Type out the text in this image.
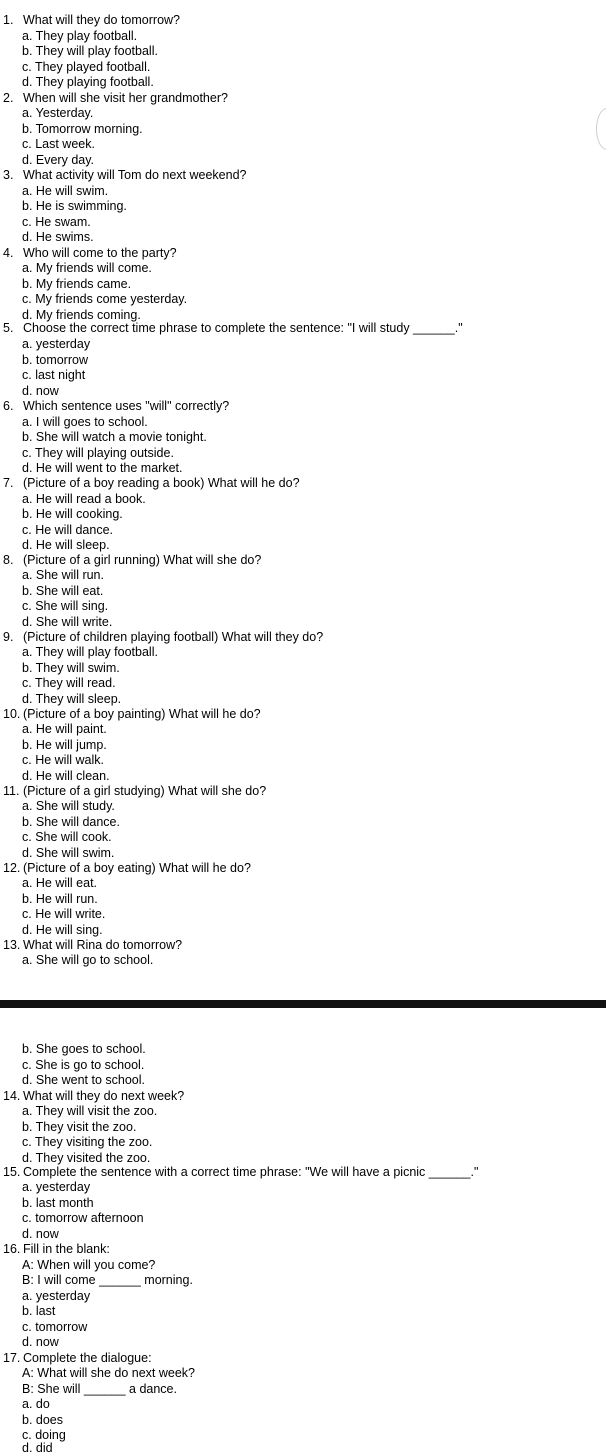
1. What will they do tomorrow?
a. They play football.
b. They will play football.
c. They played football.
d. They playing football.
2. When will she visit her grandmother?
a. Yesterday.
b. Tomorrow morning.
c. Last week.
d. Every day.
3. What activity will Tom do next weekend?
a. He will swim.
b. He is swimming.
c. He swam.
d. He swims.
4. Who will come to the party?
a. My friends will come.
b. My friends came.
c. My friends come yesterday.
d. My friends coming.
5. Choose the correct time phrase to complete the sentence: "I will study ______."
a. yesterday
b. tomorrow
c. last night
d. now
6. Which sentence uses "will" correctly?
a. I will goes to school.
b. She will watch a movie tonight.
c. They will playing outside.
d. He will went to the market.
7. (Picture of a boy reading a book) What will he do?
a. He will read a book.
b. He will cooking.
c. He will dance.
d. He will sleep.
8. (Picture of a girl running) What will she do?
a. She will run.
b. She will eat.
c. She will sing.
d. She will write.
9. (Picture of children playing football) What will they do?
a. They will play football.
b. They will swim.
c. They will read.
d. They will sleep.
10. (Picture of a boy painting) What will he do?
a. He will paint.
b. He will jump.
c. He will walk.
d. He will clean.
11. (Picture of a girl studying) What will she do?
a. She will study.
b. She will dance.
c. She will cook.
d. She will swim.
12. (Picture of a boy eating) What will he do?
a. He will eat.
b. He will run.
c. He will write.
d. He will sing.
13. What will Rina do tomorrow?
a. She will go to school.
b. She goes to school.
c. She is go to school.
d. She went to school.
14. What will they do next week?
a. They will visit the zoo.
b. They visit the zoo.
c. They visiting the zoo.
d. They visited the zoo.
15. Complete the sentence with a correct time phrase: "We will have a picnic ______."
a. yesterday
b. last month
c. tomorrow afternoon
d. now
16. Fill in the blank:
A: When will you come?
B: I will come ______ morning.
a. yesterday
b. last
c. tomorrow
d. now
17. Complete the dialogue:
A: What will she do next week?
B: She will ______ a dance.
a. do
b. does
c. doing
d. did
